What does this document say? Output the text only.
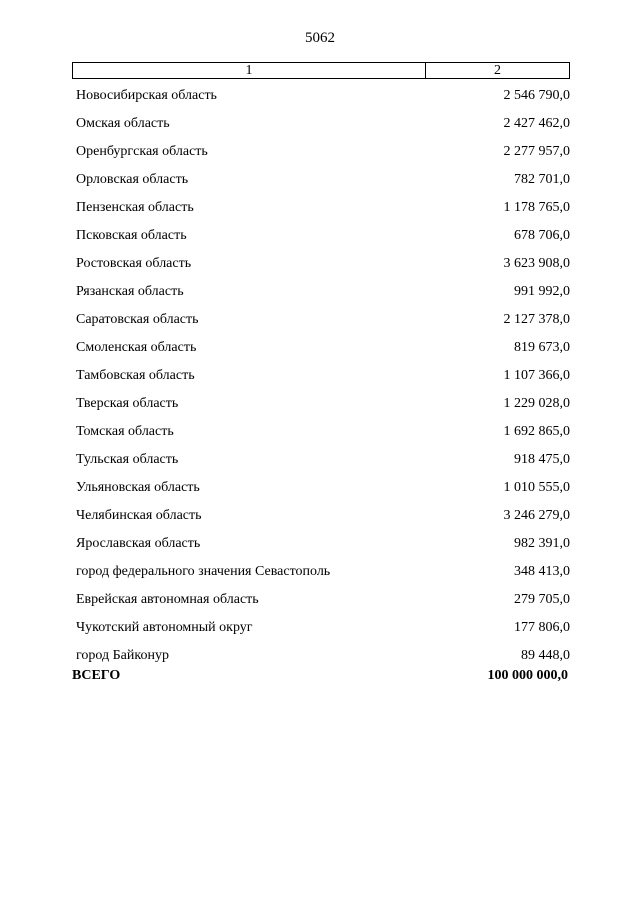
5062
1	2
Новосибирская область	2 546 790,0
Омская область	2 427 462,0
Оренбургская область	2 277 957,0
Орловская область	782 701,0
Пензенская область	1 178 765,0
Псковская область	678 706,0
Ростовская область	3 623 908,0
Рязанская область	991 992,0
Саратовская область	2 127 378,0
Смоленская область	819 673,0
Тамбовская область	1 107 366,0
Тверская область	1 229 028,0
Томская область	1 692 865,0
Тульская область	918 475,0
Ульяновская область	1 010 555,0
Челябинская область	3 246 279,0
Ярославская область	982 391,0
город федерального значения Севастополь	348 413,0
Еврейская автономная область	279 705,0
Чукотский автономный округ	177 806,0
город Байконур	89 448,0
ВСЕГО	100 000 000,0
